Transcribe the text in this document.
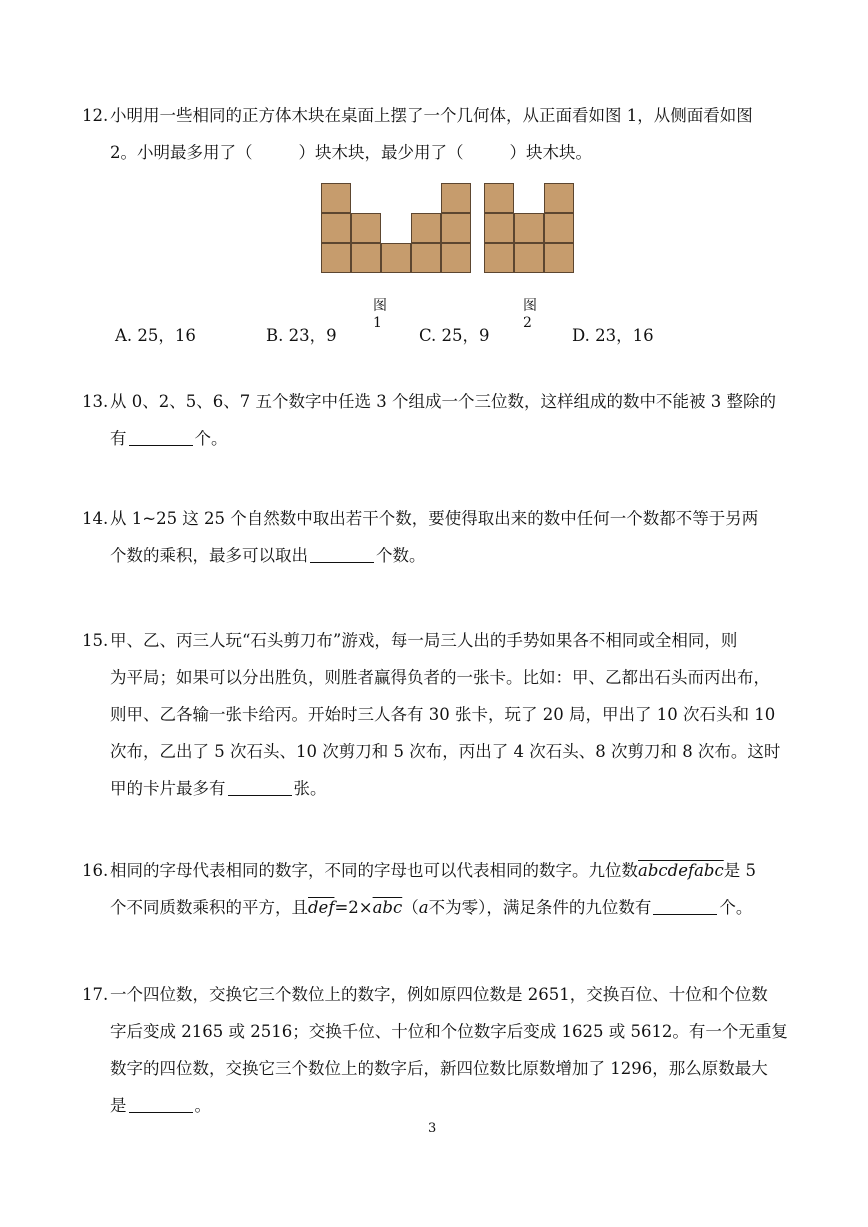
12. 小明用一些相同的正方体木块在桌面上摆了一个几何体，从正面看如图 1，从侧面看如图
2。小明最多用了（	）块木块，最少用了（	）块木块。
图 1
图 2
A. 25，16	B. 23，9	C. 25，9	D. 23，16
13. 从 0、2、5、6、7 五个数字中任选 3 个组成一个三位数，这样组成的数中不能被 3 整除的
有	个。
14. 从 1~25 这 25 个自然数中取出若干个数，要使得取出来的数中任何一个数都不等于另两
个数的乘积，最多可以取出	个数。
15. 甲、乙、丙三人玩“石头剪刀布”游戏，每一局三人出的手势如果各不相同或全相同，则
为平局；如果可以分出胜负，则胜者赢得负者的一张卡。比如：甲、乙都出石头而丙出布，
则甲、乙各输一张卡给丙。开始时三人各有 30 张卡，玩了 20 局，甲出了 10 次石头和 10
次布，乙出了 5 次石头、10 次剪刀和 5 次布，丙出了 4 次石头、8 次剪刀和 8 次布。这时
甲的卡片最多有	张。
16. 相同的字母代表相同的数字，不同的字母也可以代表相同的数字。九位数abcdefabc是 5
个不同质数乘积的平方，且$\overline{def}=2\times\overline{abc}(a$不为零），满足条件的九位数有	个。
17. 一个四位数，交换它三个数位上的数字，例如原四位数是 2651，交换百位、十位和个位数
字后变成 2165 或 2516；交换千位、十位和个位数字后变成 1625 或 5612。有一个无重复
数字的四位数，交换它三个数位上的数字后，新四位数比原数增加了 1296，那么原数最大
是	。
3
